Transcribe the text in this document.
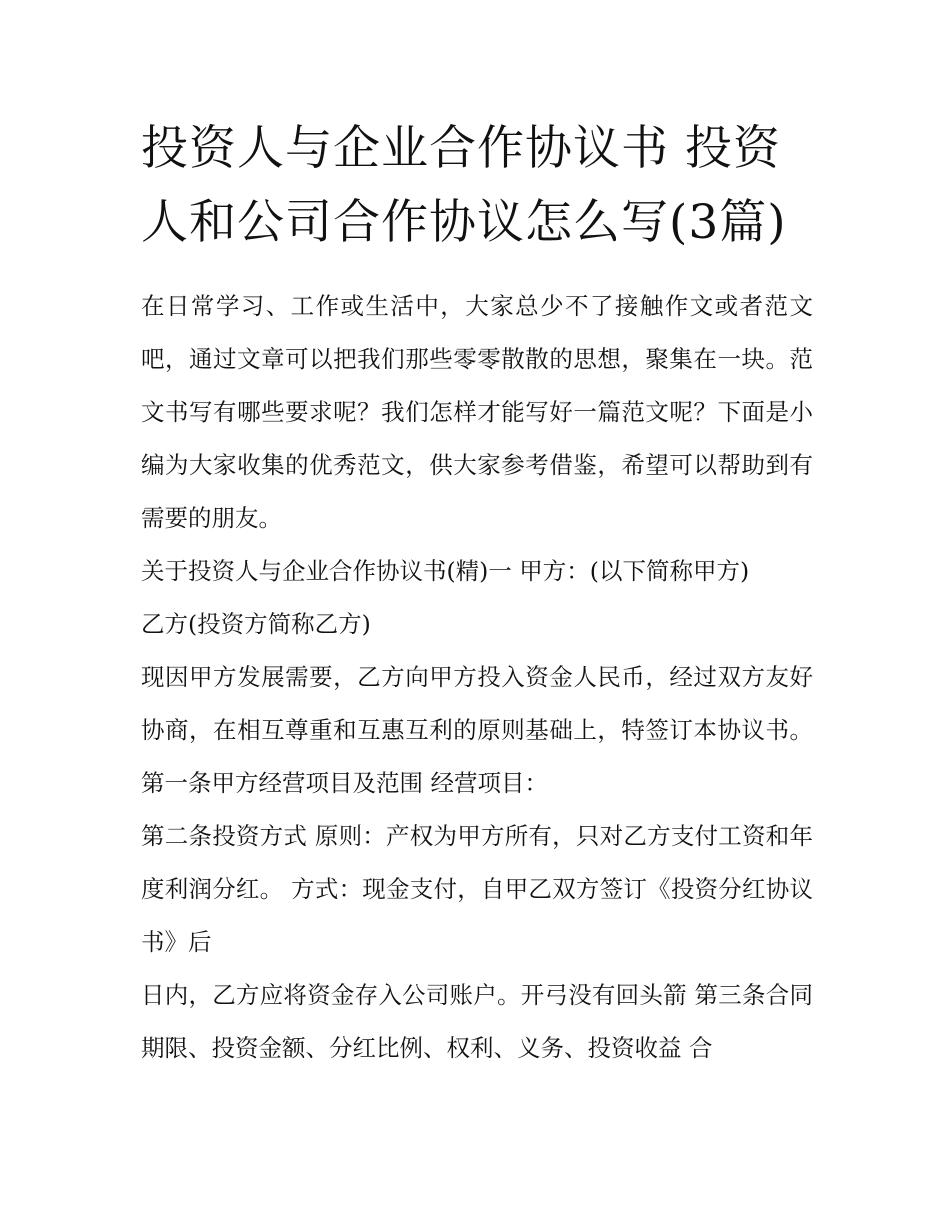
投资人与企业合作协议书 投资人和公司合作协议怎么写(3篇)

在日常学习、工作或生活中，大家总少不了接触作文或者范文吧，通过文章可以把我们那些零零散散的思想，聚集在一块。范文书写有哪些要求呢？我们怎样才能写好一篇范文呢？下面是小编为大家收集的优秀范文，供大家参考借鉴，希望可以帮助到有需要的朋友。

关于投资人与企业合作协议书(精)一 甲方：(以下简称甲方)

乙方(投资方简称乙方)

现因甲方发展需要，乙方向甲方投入资金人民币，经过双方友好协商，在相互尊重和互惠互利的原则基础上，特签订本协议书。 第一条甲方经营项目及范围 经营项目：

第二条投资方式 原则：产权为甲方所有，只对乙方支付工资和年度利润分红。 方式：现金支付，自甲乙双方签订《投资分红协议书》后

日内，乙方应将资金存入公司账户。开弓没有回头箭 第三条合同期限、投资金额、分红比例、权利、义务、投资收益 合
